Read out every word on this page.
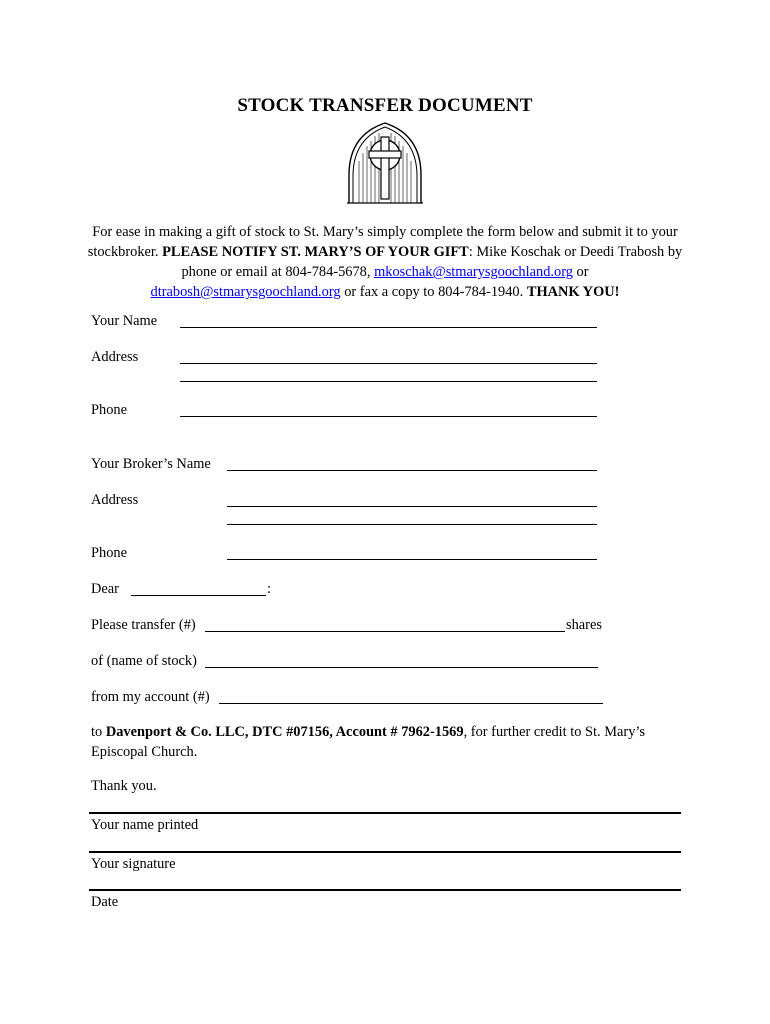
STOCK TRANSFER DOCUMENT
For ease in making a gift of stock to St. Mary’s simply complete the form below and submit it to your stockbroker. PLEASE NOTIFY ST. MARY’S OF YOUR GIFT: Mike Koschak or Deedi Trabosh by phone or email at 804-784-5678, mkoschak@stmarysgoochland.org or dtrabosh@stmarysgoochland.org or fax a copy to 804-784-1940. THANK YOU!
Your Name
Address
Phone
Your Broker’s Name
Address
Phone
Dear	:
Please transfer (#)	shares
of (name of stock)
from my account (#)
to Davenport & Co. LLC, DTC #07156, Account # 7962-1569, for further credit to St. Mary’s Episcopal Church.
Thank you.
Your name printed
Your signature
Date
